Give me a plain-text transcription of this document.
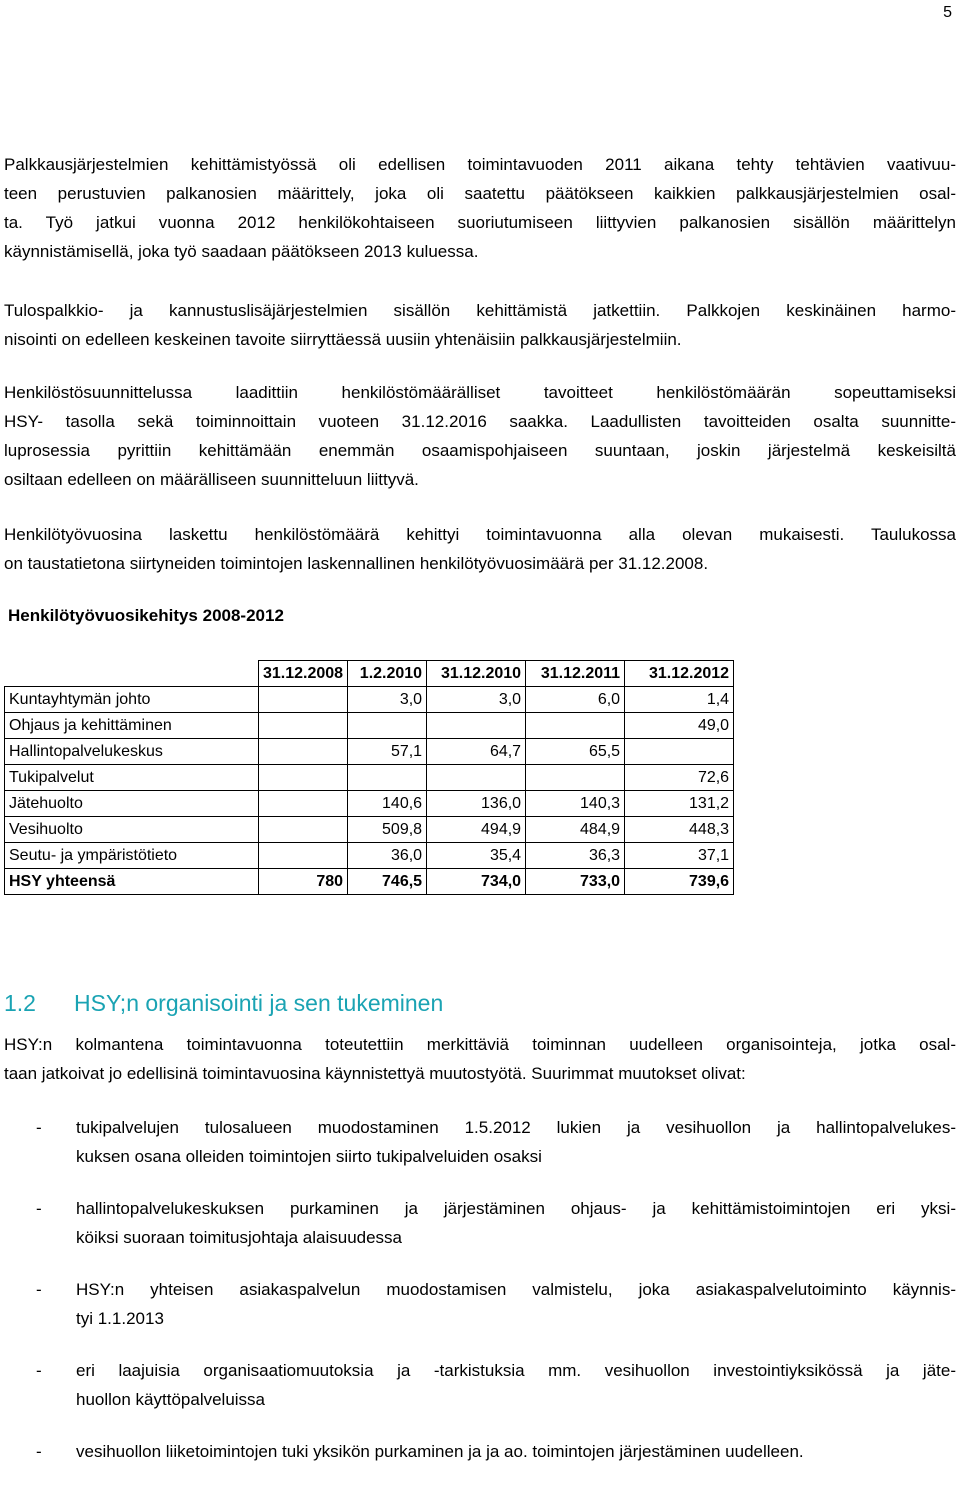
5
Palkkausjärjestelmien kehittämistyössä oli edellisen toimintavuoden 2011 aikana tehty tehtävien vaativuu-
teen perustuvien palkanosien määrittely, joka oli saatettu päätökseen kaikkien palkkausjärjestelmien osal-
ta. Työ jatkui vuonna 2012 henkilökohtaiseen suoriutumiseen liittyvien palkanosien sisällön määrittelyn
käynnistämisellä, joka työ saadaan päätökseen 2013 kuluessa.
Tulospalkkio- ja kannustuslisäjärjestelmien sisällön kehittämistä jatkettiin. Palkkojen keskinäinen harmo-
nisointi on edelleen keskeinen tavoite siirryttäessä uusiin yhtenäisiin palkkausjärjestelmiin.
Henkilöstösuunnittelussa laadittiin henkilöstömäärälliset tavoitteet henkilöstömäärän sopeuttamiseksi
HSY- tasolla sekä toiminnoittain vuoteen 31.12.2016 saakka. Laadullisten tavoitteiden osalta suunnitte-
luprosessia pyrittiin kehittämään enemmän osaamispohjaiseen suuntaan, joskin järjestelmä keskeisiltä
osiltaan edelleen on määrälliseen suunnitteluun liittyvä.
Henkilötyövuosina laskettu henkilöstömäärä kehittyi toimintavuonna alla olevan mukaisesti. Taulukossa
on taustatietona siirtyneiden toimintojen laskennallinen henkilötyövuosimäärä per 31.12.2008.
Henkilötyövuosikehitys 2008-2012
	31.12.2008	1.2.2010	31.12.2010	31.12.2011	31.12.2012
Kuntayhtymän johto		3,0	3,0	6,0	1,4
Ohjaus ja kehittäminen					49,0
Hallintopalvelukeskus		57,1	64,7	65,5	
Tukipalvelut					72,6
Jätehuolto		140,6	136,0	140,3	131,2
Vesihuolto		509,8	494,9	484,9	448,3
Seutu- ja ympäristötieto		36,0	35,4	36,3	37,1
HSY yhteensä	780	746,5	734,0	733,0	739,6
1.2 HSY;n organisointi ja sen tukeminen
HSY:n kolmantena toimintavuonna toteutettiin merkittäviä toiminnan uudelleen organisointeja, jotka osal-
taan jatkoivat jo edellisinä toimintavuosina käynnistettyä muutostyötä. Suurimmat muutokset olivat:
- tukipalvelujen tulosalueen muodostaminen 1.5.2012 lukien ja vesihuollon ja hallintopalvelukes-
kuksen osana olleiden toimintojen siirto tukipalveluiden osaksi
- hallintopalvelukeskuksen purkaminen ja järjestäminen ohjaus- ja kehittämistoimintojen eri yksi-
köiksi suoraan toimitusjohtaja alaisuudessa
- HSY:n yhteisen asiakaspalvelun muodostamisen valmistelu, joka asiakaspalvelutoiminto käynnis-
tyi 1.1.2013
- eri laajuisia organisaatiomuutoksia ja -tarkistuksia mm. vesihuollon investointiyksikössä ja jäte-
huollon käyttöpalveluissa
- vesihuollon liiketoimintojen tuki yksikön purkaminen ja ja ao. toimintojen järjestäminen uudelleen.
